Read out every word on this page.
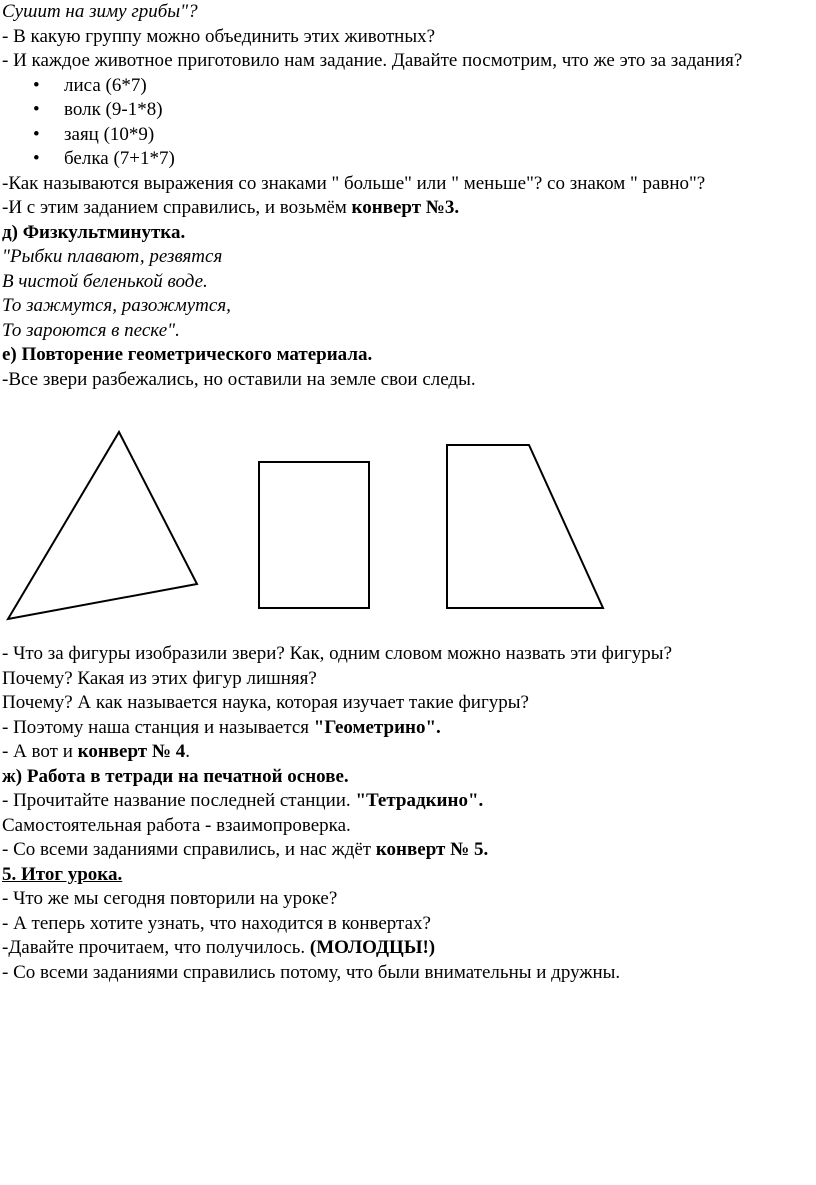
Сушит на зиму грибы"?

- В какую группу можно объединить этих животных?

- И каждое животное приготовило нам задание. Давайте посмотрим, что же это за задания?

• лиса (6*7)
• волк (9-1*8)
• заяц (10*9)
• белка (7+1*7)

-Как называются выражения со знаками " больше" или " меньше"? со знаком " равно"?

-И с этим заданием справились, и возьмём конверт №3.

д) Физкультминутка.

"Рыбки плавают, резвятся

В чистой беленькой воде.

То зажмутся, разожмутся,

То зароются в песке".

е) Повторение геометрического материала.

-Все звери разбежались, но оставили на земле свои следы.

- Что за фигуры изобразили звери? Как, одним словом можно назвать эти фигуры?

Почему? Какая из этих фигур лишняя?

Почему? А как называется наука, которая изучает такие фигуры?

- Поэтому наша станция и называется "Геометрино".

- А вот и конверт № 4.

ж) Работа в тетради на печатной основе.

- Прочитайте название последней станции. "Тетрадкино".

Самостоятельная работа - взаимопроверка.

- Со всеми заданиями справились, и нас ждёт конверт № 5.

5. Итог урока.

- Что же мы сегодня повторили на уроке?

- А теперь хотите узнать, что находится в конвертах?

-Давайте прочитаем, что получилось. (МОЛОДЦЫ!)

- Со всеми заданиями справились потому, что были внимательны и дружны.
